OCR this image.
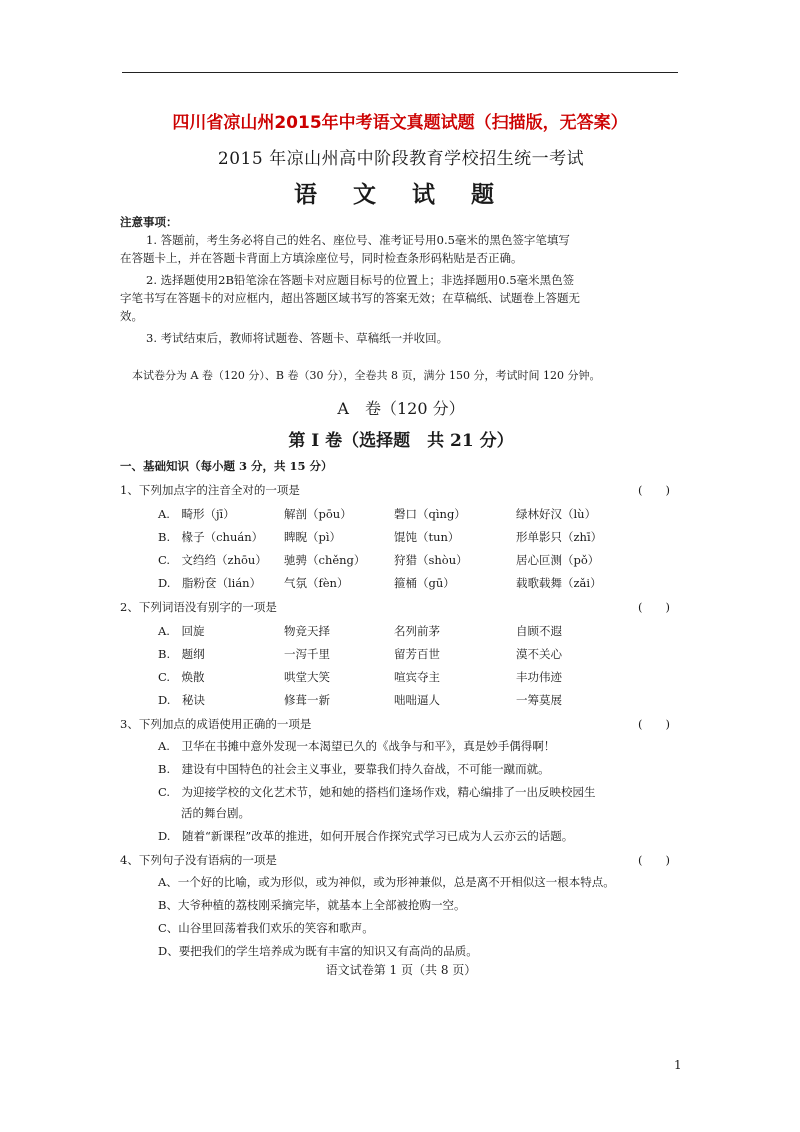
四川省凉山州2015年中考语文真题试题（扫描版，无答案）
2015 年凉山州高中阶段教育学校招生统一考试
语 文 试 题
注意事项：
1. 答题前，考生务必将自己的姓名、座位号、准考证号用0.5毫米的黑色签字笔填写
在答题卡上，并在答题卡背面上方填涂座位号，同时检查条形码粘贴是否正确。
2. 选择题使用2B铅笔涂在答题卡对应题目标号的位置上；非选择题用0.5毫米黑色签
字笔书写在答题卡的对应框内，超出答题区域书写的答案无效；在草稿纸、试题卷上答题无
效。
3. 考试结束后，教师将试题卷、答题卡、草稿纸一并收回。
本试卷分为 A 卷（120 分）、B 卷（30 分），全卷共 8 页，满分 150 分，考试时间 120 分钟。
A　卷（120 分）
第 I 卷（选择题　共 21 分）
一、基础知识（每小题 3 分，共 15 分）
1、下列加点字的注音全对的一项是	(　　)
A.　畸形（jī）	解剖（pōu）	磬口（qìng）	绿林好汉（lù）
B.　椽子（chuán） 睥睨（pì）	馄饨（tun）	形单影只（zhī）
C.　文绉绉（zhōu） 驰骋（chěng） 狩猎（shòu）	居心叵测（pǒ）
D.　脂粉奁（lián） 气氛（fèn）	箍桶（gū）	载歌载舞（zǎi）
2、下列词语没有别字的一项是	(　　)
A.　回旋	物竞天择	名列前茅	自顾不遐
B.　题纲	一泻千里	留芳百世	漠不关心
C.　焕散	哄堂大笑	喧宾夺主	丰功伟迹
D.　秘诀	修葺一新	咄咄逼人	一筹莫展
3、下列加点的成语使用正确的一项是	(　　)
A.　卫华在书摊中意外发现一本渴望已久的《战争与和平》，真是妙手偶得啊！
B.　建设有中国特色的社会主义事业，要靠我们持久奋战，不可能一蹴而就。
C.　为迎接学校的文化艺术节，她和她的搭档们逢场作戏，精心编排了一出反映校园生
　　活的舞台剧。
D.　随着“新课程”改革的推进，如何开展合作探究式学习已成为人云亦云的话题。
4、下列句子没有语病的一项是	(　　)
A、一个好的比喻，或为形似，或为神似，或为形神兼似，总是离不开相似这一根本特点。
B、大爷种植的荔枝刚采摘完毕，就基本上全部被抢购一空。
C、山谷里回荡着我们欢乐的笑容和歌声。
D、要把我们的学生培养成为既有丰富的知识又有高尚的品质。
语文试卷第 1 页（共 8 页）
1
